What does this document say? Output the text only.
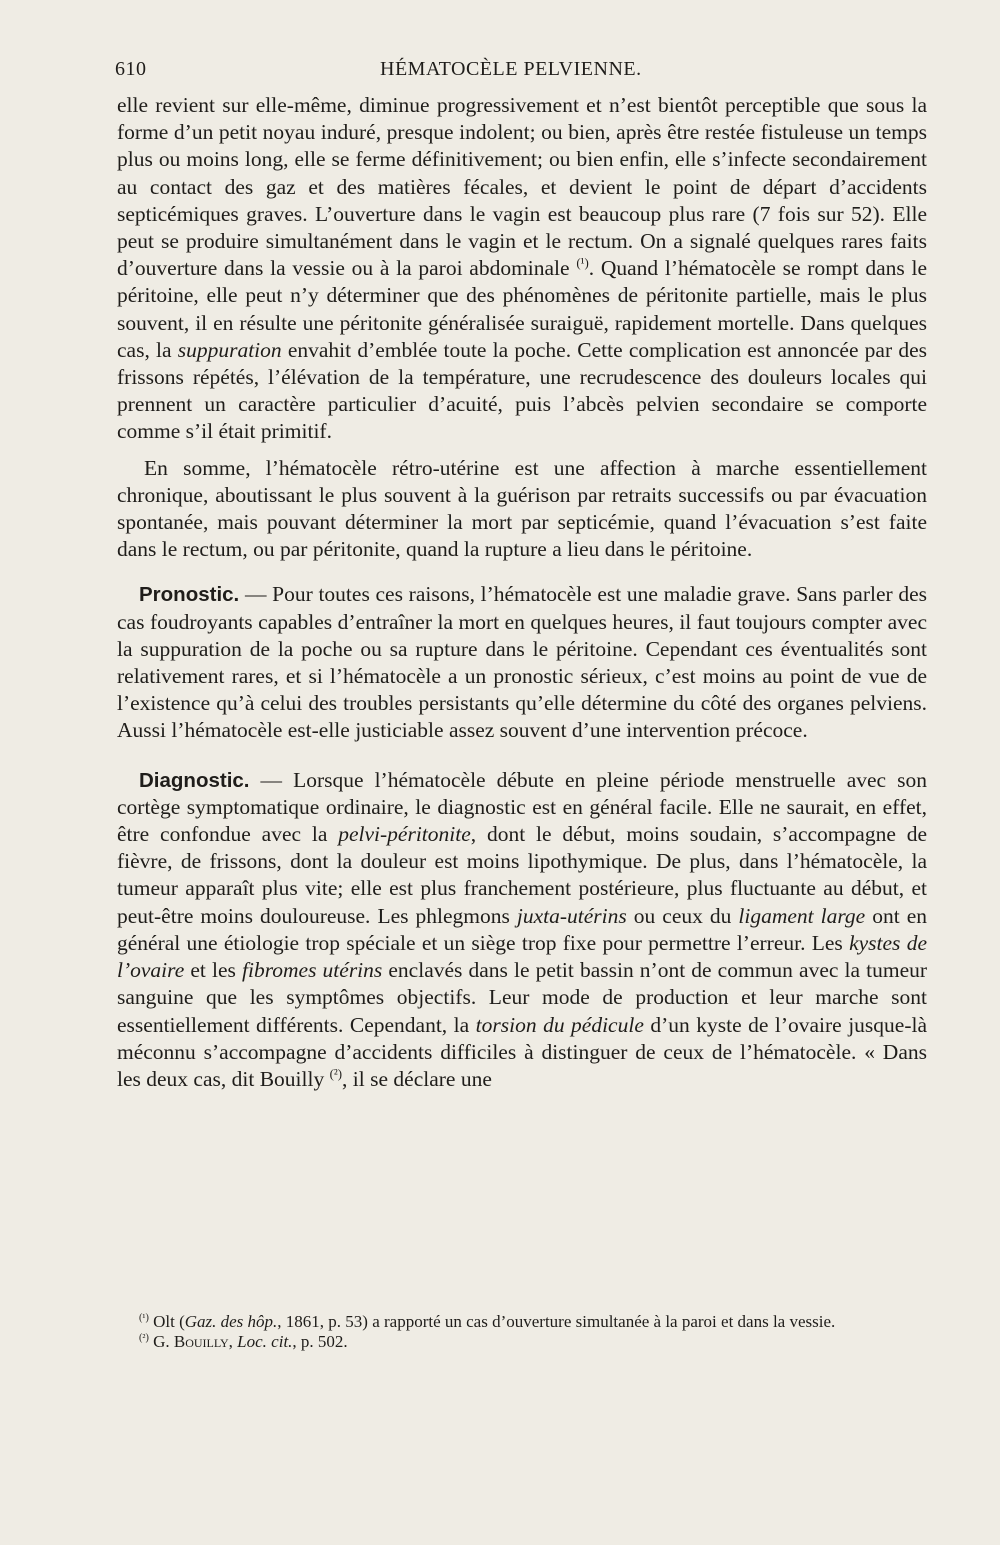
610	HÉMATOCÈLE PELVIENNE.

elle revient sur elle-même, diminue progressivement et n’est bientôt perceptible que sous la forme d’un petit noyau induré, presque indolent; ou bien, après être restée fistuleuse un temps plus ou moins long, elle se ferme définitivement; ou bien enfin, elle s’infecte secondairement au contact des gaz et des matières fécales, et devient le point de départ d’accidents septicémiques graves. L’ouverture dans le vagin est beaucoup plus rare (7 fois sur 52). Elle peut se produire simultanément dans le vagin et le rectum. On a signalé quelques rares faits d’ouverture dans la vessie ou à la paroi abdominale $^{(^1)}$. Quand l’hématocèle se rompt dans le péritoine, elle peut n’y déterminer que des phénomènes de péritonite partielle, mais le plus souvent, il en résulte une péritonite généralisée suraiguë, rapidement mortelle. Dans quelques cas, la suppuration envahit d’emblée toute la poche. Cette complication est annoncée par des frissons répétés, l’élévation de la température, une recrudescence des douleurs locales qui prennent un caractère particulier d’acuité, puis l’abcès pelvien secondaire se comporte comme s’il était primitif.

En somme, l’hématocèle rétro-utérine est une affection à marche essentiellement chronique, aboutissant le plus souvent à la guérison par retraits successifs ou par évacuation spontanée, mais pouvant déterminer la mort par septicémie, quand l’évacuation s’est faite dans le rectum, ou par péritonite, quand la rupture a lieu dans le péritoine.

Pronostic. — Pour toutes ces raisons, l’hématocèle est une maladie grave. Sans parler des cas foudroyants capables d’entraîner la mort en quelques heures, il faut toujours compter avec la suppuration de la poche ou sa rupture dans le péritoine. Cependant ces éventualités sont relativement rares, et si l’hématocèle a un pronostic sérieux, c’est moins au point de vue de l’existence qu’à celui des troubles persistants qu’elle détermine du côté des organes pelviens. Aussi l’hématocèle est-elle justiciable assez souvent d’une intervention précoce.

Diagnostic. — Lorsque l’hématocèle débute en pleine période menstruelle avec son cortège symptomatique ordinaire, le diagnostic est en général facile. Elle ne saurait, en effet, être confondue avec la pelvi-péritonite, dont le début, moins soudain, s’accompagne de fièvre, de frissons, dont la douleur est moins lipothymique. De plus, dans l’hématocèle, la tumeur apparaît plus vite; elle est plus franchement postérieure, plus fluctuante au début, et peut-être moins douloureuse. Les phlegmons juxta-utérins ou ceux du ligament large ont en général une étiologie trop spéciale et un siège trop fixe pour permettre l’erreur. Les kystes de l’ovaire et les fibromes utérins enclavés dans le petit bassin n’ont de commun avec la tumeur sanguine que les symptômes objectifs. Leur mode de production et leur marche sont essentiellement différents. Cependant, la torsion du pédicule d’un kyste de l’ovaire jusque-là méconnu s’accompagne d’accidents difficiles à distinguer de ceux de l’hématocèle. « Dans les deux cas, dit Bouilly $^{(^2)}$, il se déclare une

$^{(^1)}$ Olt (Gaz. des hôp., 1861, p. 53) a rapporté un cas d’ouverture simultanée à la paroi et dans la vessie.

$^{(^2)}$ G. Bouilly, Loc. cit., p. 502.
